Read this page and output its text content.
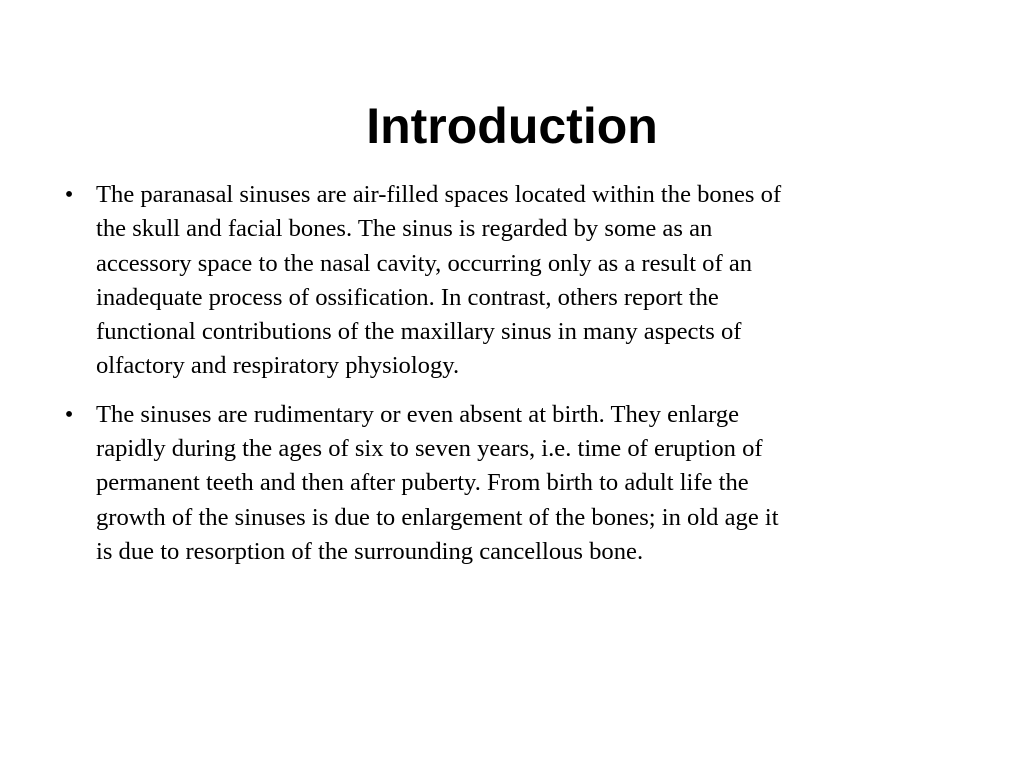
Introduction
• The paranasal sinuses are air-filled spaces located within the bones of
the skull and facial bones. The sinus is regarded by some as an
accessory space to the nasal cavity, occurring only as a result of an
inadequate process of ossification. In contrast, others report the
functional contributions of the maxillary sinus in many aspects of
olfactory and respiratory physiology.
• The sinuses are rudimentary or even absent at birth. They enlarge
rapidly during the ages of six to seven years, i.e. time of eruption of
permanent teeth and then after puberty. From birth to adult life the
growth of the sinuses is due to enlargement of the bones; in old age it
is due to resorption of the surrounding cancellous bone.
